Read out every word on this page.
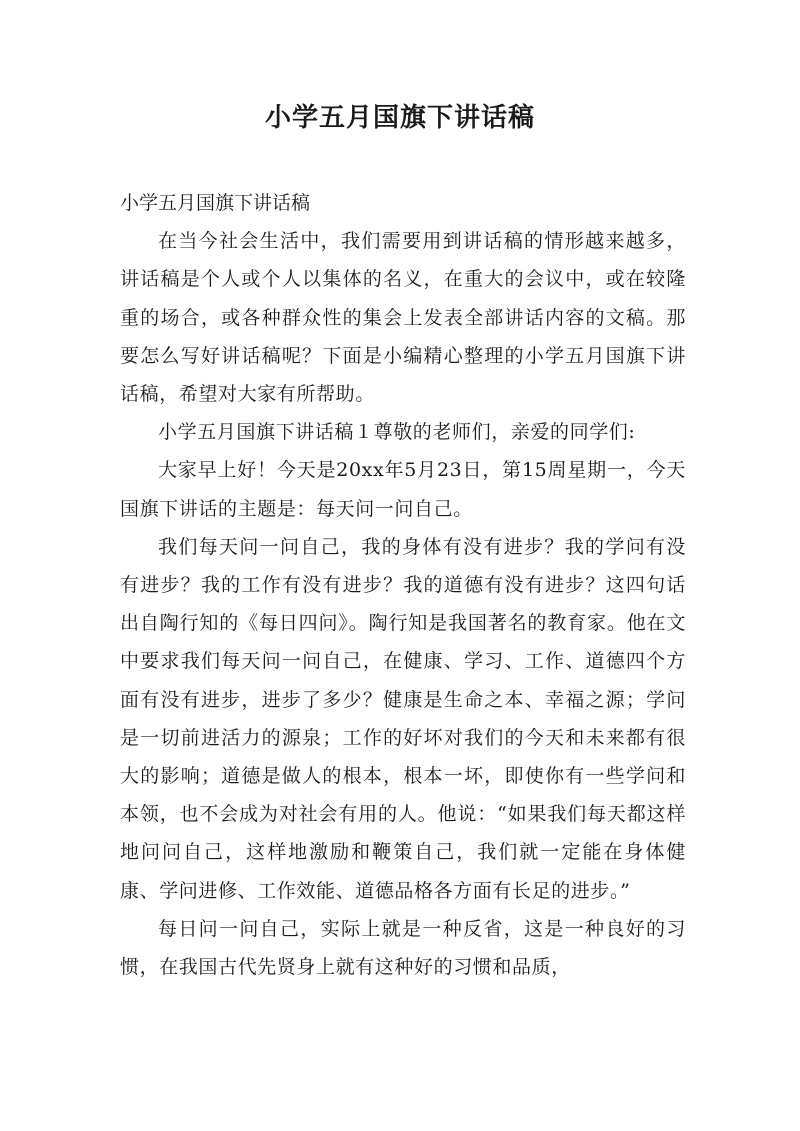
小学五月国旗下讲话稿

小学五月国旗下讲话稿

在当今社会生活中，我们需要用到讲话稿的情形越来越多，讲话稿是个人或个人以集体的名义，在重大的会议中，或在较隆重的场合，或各种群众性的集会上发表全部讲话内容的文稿。那要怎么写好讲话稿呢？下面是小编精心整理的小学五月国旗下讲话稿，希望对大家有所帮助。

小学五月国旗下讲话稿１尊敬的老师们，亲爱的同学们:

大家早上好！今天是20xx年5月23日，第15周星期一，今天国旗下讲话的主题是：每天问一问自己。

我们每天问一问自己，我的身体有没有进步？我的学问有没有进步？我的工作有没有进步？我的道德有没有进步？这四句话出自陶行知的《每日四问》。陶行知是我国著名的教育家。他在文中要求我们每天问一问自己，在健康、学习、工作、道德四个方面有没有进步，进步了多少？健康是生命之本、幸福之源；学问是一切前进活力的源泉；工作的好坏对我们的今天和未来都有很大的影响；道德是做人的根本，根本一坏，即使你有一些学问和本领，也不会成为对社会有用的人。他说：“如果我们每天都这样地问问自己，这样地激励和鞭策自己，我们就一定能在身体健康、学问进修、工作效能、道德品格各方面有长足的进步。”

每日问一问自己，实际上就是一种反省，这是一种良好的习惯，在我国古代先贤身上就有这种好的习惯和品质，
